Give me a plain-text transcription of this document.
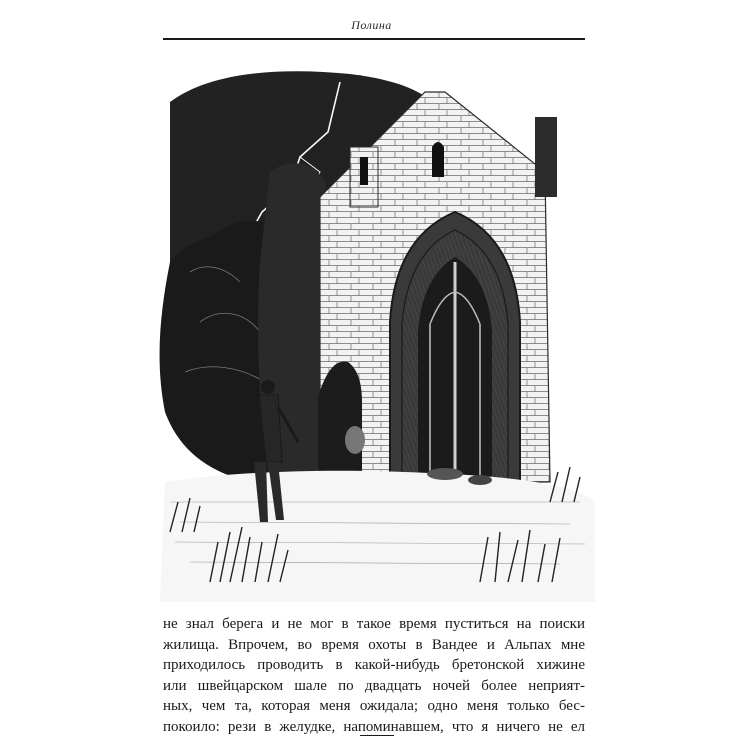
Полина
не знал берега и не мог в такое время пуститься на поиски
жилища. Впрочем, во время охоты в Вандее и Альпах мне
приходилось проводить в какой-нибудь бретонской хижине
или швейцарском шале по двадцать ночей более неприят-
ных, чем та, которая меня ожидала; одно меня только бес-
покоило: рези в желудке, напоминавшем, что я ничего не ел
